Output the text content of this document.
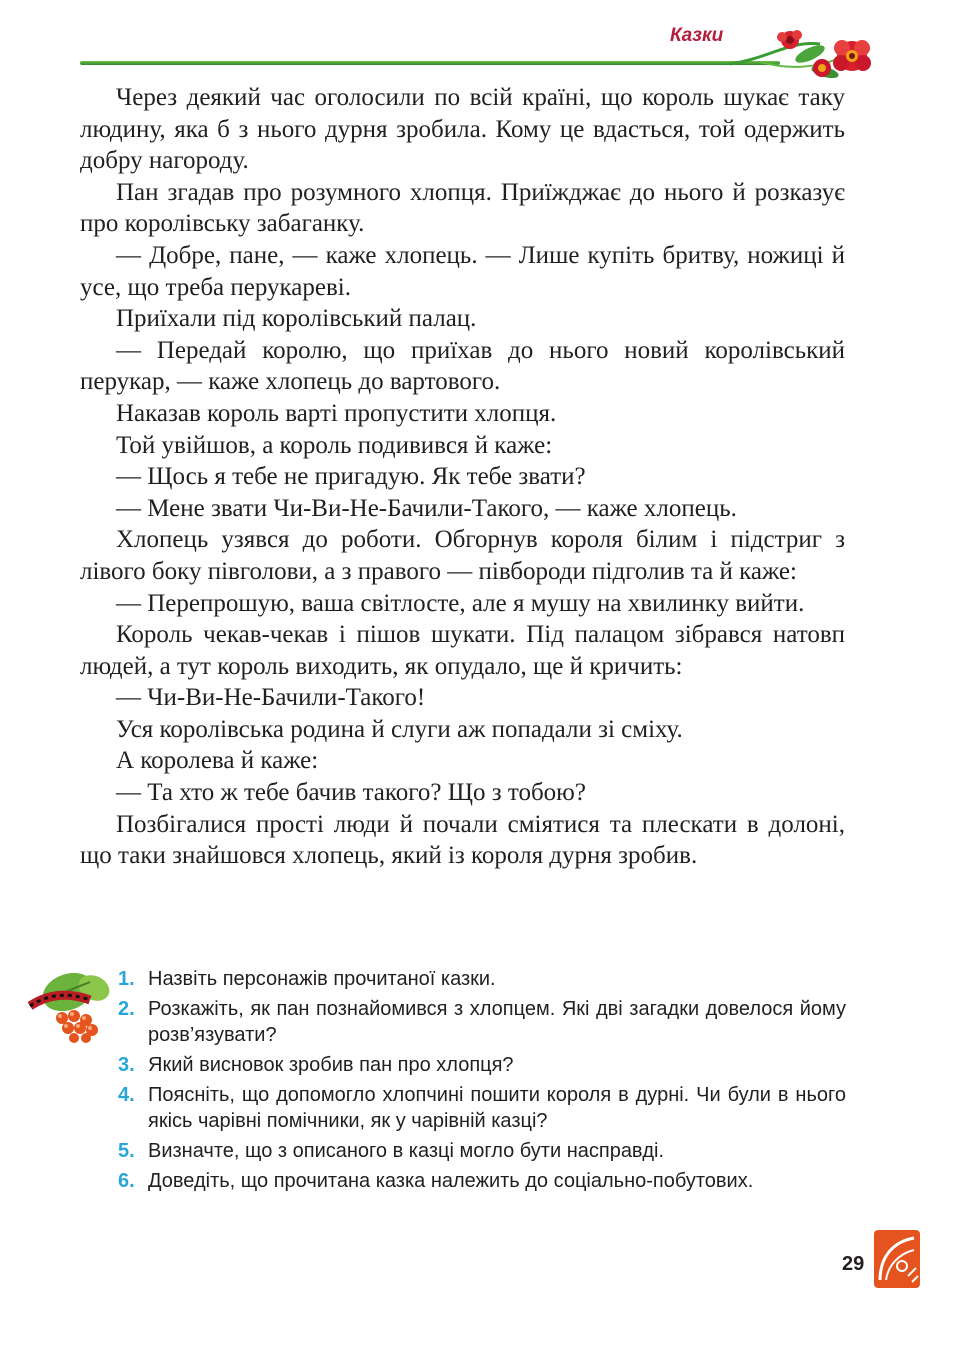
Казки

Через деякий час оголосили по всій країні, що король шукає таку людину, яка б з нього дурня зробила. Кому це вдасться, той одержить добру нагороду.

Пан згадав про розумного хлопця. Приїжджає до нього й розказує про королівську забаганку.

— Добре, пане, — каже хлопець. — Лише купіть бритву, ножиці й усе, що треба перукареві.

Приїхали під королівський палац.

— Передай королю, що приїхав до нього новий королівський перукар, — каже хлопець до вартового.

Наказав король варті пропустити хлопця.

Той увійшов, а король подивився й каже:

— Щось я тебе не пригадую. Як тебе звати?

— Мене звати Чи-Ви-Не-Бачили-Такого, — каже хлопець.

Хлопець узявся до роботи. Обгорнув короля білим і підстриг з лівого боку півголови, а з правого — півбороди підголив та й каже:

— Перепрошую, ваша світлосте, але я мушу на хвилинку вийти.

Король чекав-чекав і пішов шукати. Під палацом зібрався натовп людей, а тут король виходить, як опудало, ще й кричить:

— Чи-Ви-Не-Бачили-Такого!

Уся королівська родина й слуги аж попадали зі сміху.

А королева й каже:

— Та хто ж тебе бачив такого? Що з тобою?

Позбігалися прості люди й почали сміятися та плескати в долоні, що таки знайшовся хлопець, який із короля дурня зробив.

1. Назвіть персонажів прочитаної казки.
2. Розкажіть, як пан познайомився з хлопцем. Які дві загадки довелося йому розв’язувати?
3. Який висновок зробив пан про хлопця?
4. Поясніть, що допомогло хлопчині пошити короля в дурні. Чи були в нього якісь чарівні помічники, як у чарівній казці?
5. Визначте, що з описаного в казці могло бути насправді.
6. Доведіть, що прочитана казка належить до соціально-побутових.
29
